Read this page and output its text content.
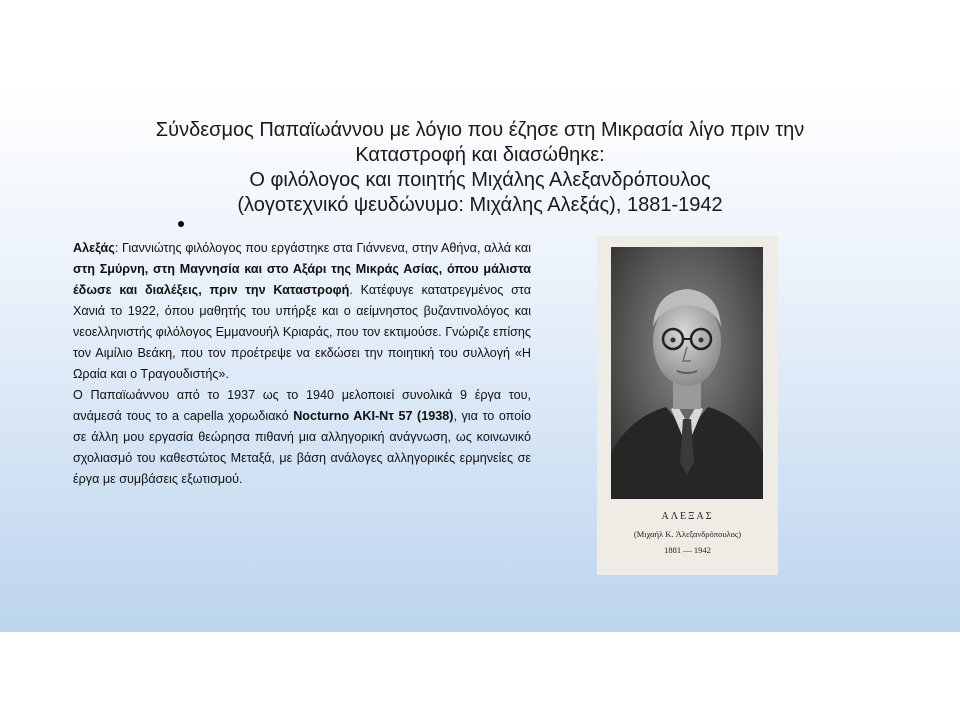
Σύνδεσμος Παπαϊωάννου με λόγιο που έζησε στη Μικρασία λίγο πριν την
Καταστροφή και διασώθηκε:
Ο φιλόλογος και ποιητής Μιχάλης Αλεξανδρόπουλος
(λογοτεχνικό ψευδώνυμο: Μιχάλης Αλεξάς), 1881-1942

Αλεξάς: Γιαννιώτης φιλόλογος που εργάστηκε στα Γιάννενα, στην Αθήνα, αλλά και στη Σμύρνη, στη Μαγνησία και στο Αξάρι της Μικράς Ασίας, όπου μάλιστα έδωσε και διαλέξεις, πριν την Καταστροφή. Κατέφυγε κατατρεγμένος στα Χανιά το 1922, όπου μαθητής του υπήρξε και ο αείμνηστος βυζαντινολόγος και νεοελληνιστής φιλόλογος Εμμανουήλ Κριαράς, που τον εκτιμούσε. Γνώριζε επίσης τον Αιμίλιο Βεάκη, που τον προέτρεψε να εκδώσει την ποιητική του συλλογή «Η Ωραία και ο Τραγουδιστής».

Ο Παπαϊωάννου από το 1937 ως το 1940 μελοποιεί συνολικά 9 έργα του, ανάμεσά τους το a capella χορωδιακό Nocturno AKI-Nτ 57 (1938), για το οποίο σε άλλη μου εργασία θεώρησα πιθανή μια αλληγορική ανάγνωση, ως κοινωνικό σχολιασμό του καθεστώτος Μεταξά, με βάση ανάλογες αλληγορικές ερμηνείες σε έργα με συμβάσεις εξωτισμού.

ΑΛΕΞΑΣ
(Μιχαήλ Κ. Ἀλεξανδρόπουλος)
1881 — 1942
